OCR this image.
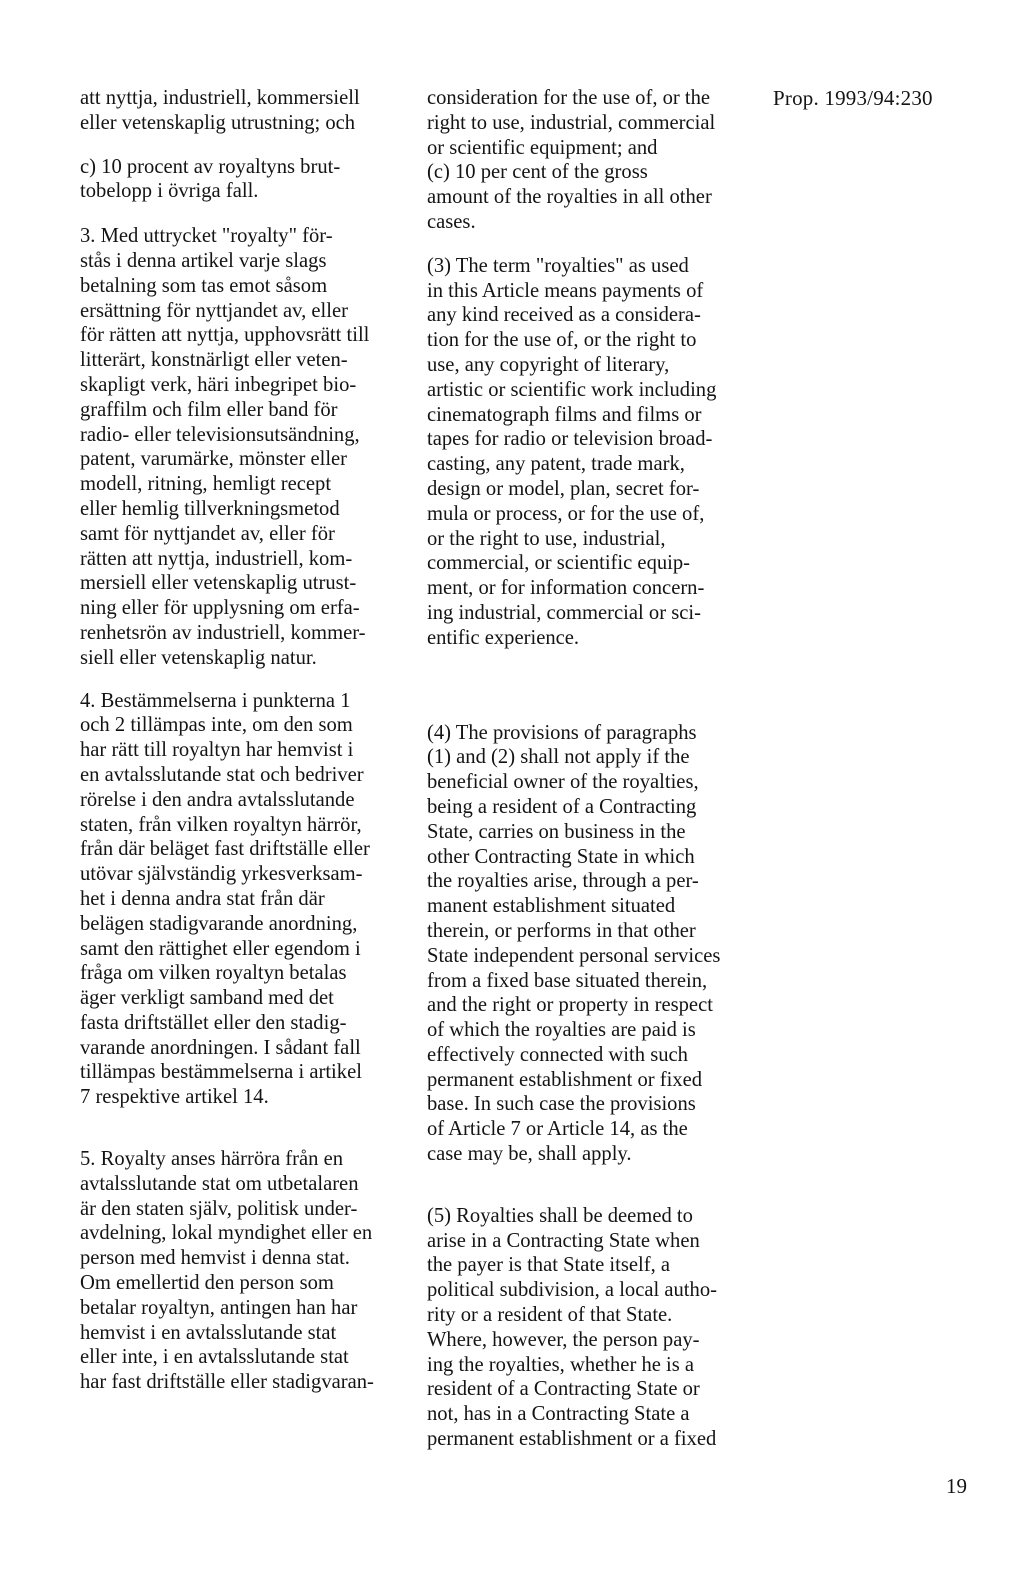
att nyttja, industriell, kommersiell
eller vetenskaplig utrustning; och

c) 10 procent av royaltyns brut-
tobelopp i övriga fall.

3. Med uttrycket "royalty" för-
stås i denna artikel varje slags
betalning som tas emot såsom
ersättning för nyttjandet av, eller
för rätten att nyttja, upphovsrätt till
litterärt, konstnärligt eller veten-
skapligt verk, häri inbegripet bio-
graffilm och film eller band för
radio- eller televisionsutsändning,
patent, varumärke, mönster eller
modell, ritning, hemligt recept
eller hemlig tillverkningsmetod
samt för nyttjandet av, eller för
rätten att nyttja, industriell, kom-
mersiell eller vetenskaplig utrust-
ning eller för upplysning om erfa-
renhetsrön av industriell, kommer-
siell eller vetenskaplig natur.

4. Bestämmelserna i punkterna 1
och 2 tillämpas inte, om den som
har rätt till royaltyn har hemvist i
en avtalsslutande stat och bedriver
rörelse i den andra avtalsslutande
staten, från vilken royaltyn härrör,
från där beläget fast driftställe eller
utövar självständig yrkesverksam-
het i denna andra stat från där
belägen stadigvarande anordning,
samt den rättighet eller egendom i
fråga om vilken royaltyn betalas
äger verkligt samband med det
fasta driftstället eller den stadig-
varande anordningen. I sådant fall
tillämpas bestämmelserna i artikel
7 respektive artikel 14.

5. Royalty anses härröra från en
avtalsslutande stat om utbetalaren
är den staten själv, politisk under-
avdelning, lokal myndighet eller en
person med hemvist i denna stat.
Om emellertid den person som
betalar royaltyn, antingen han har
hemvist i en avtalsslutande stat
eller inte, i en avtalsslutande stat
har fast driftställe eller stadigvaran-

consideration for the use of, or the
right to use, industrial, commercial
or scientific equipment; and
(c) 10 per cent of the gross
amount of the royalties in all other
cases.

(3) The term "royalties" as used
in this Article means payments of
any kind received as a considera-
tion for the use of, or the right to
use, any copyright of literary,
artistic or scientific work including
cinematograph films and films or
tapes for radio or television broad-
casting, any patent, trade mark,
design or model, plan, secret for-
mula or process, or for the use of,
or the right to use, industrial,
commercial, or scientific equip-
ment, or for information concern-
ing industrial, commercial or sci-
entific experience.

(4) The provisions of paragraphs
(1) and (2) shall not apply if the
beneficial owner of the royalties,
being a resident of a Contracting
State, carries on business in the
other Contracting State in which
the royalties arise, through a per-
manent establishment situated
therein, or performs in that other
State independent personal services
from a fixed base situated therein,
and the right or property in respect
of which the royalties are paid is
effectively connected with such
permanent establishment or fixed
base. In such case the provisions
of Article 7 or Article 14, as the
case may be, shall apply.

(5) Royalties shall be deemed to
arise in a Contracting State when
the payer is that State itself, a
political subdivision, a local autho-
rity or a resident of that State.
Where, however, the person pay-
ing the royalties, whether he is a
resident of a Contracting State or
not, has in a Contracting State a
permanent establishment or a fixed

Prop. 1993/94:230
19
